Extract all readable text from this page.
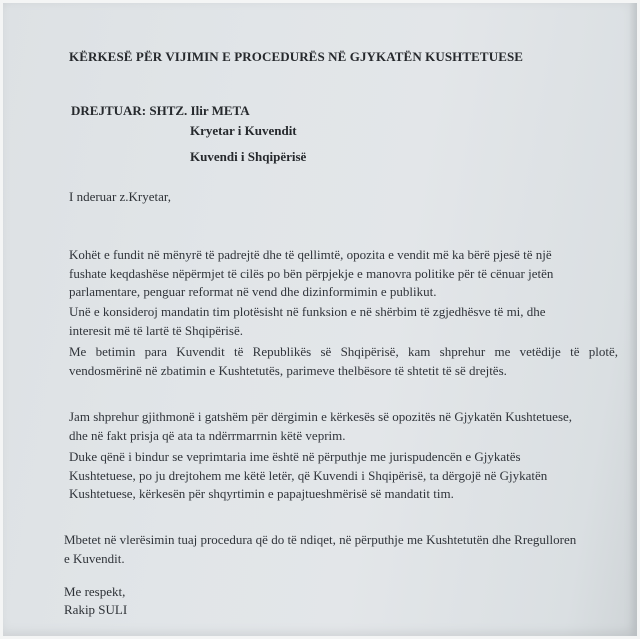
KËRKESË PËR VIJIMIN E PROCEDURËS NË GJYKATËN KUSHTETUESE
DREJTUAR: SHTZ. Ilir META
Kryetar i Kuvendit
Kuvendi i Shqipërisë
I nderuar z.Kryetar,
Kohët e fundit në mënyrë të padrejtë dhe të qellimtë, opozita e vendit më ka bërë pjesë të një
fushate keqdashëse nëpërmjet të cilës po bën përpjekje e manovra politike për të cënuar jetën
parlamentare, penguar reformat në vend dhe dizinformimin e publikut.
Unë e konsideroj mandatin tim plotësisht në funksion e në shërbim të zgjedhësve të mi, dhe
interesit më të lartë të Shqipërisë.
Me betimin para Kuvendit të Republikës së Shqipërisë, kam shprehur me vetëdije të plotë,
vendosmërinë në zbatimin e Kushtetutës, parimeve thelbësore të shtetit të së drejtës.
Jam shprehur gjithmonë i gatshëm për dërgimin e kërkesës së opozitës në Gjykatën Kushtetuese,
dhe në fakt prisja që ata ta ndërrmarrnin këtë veprim.
Duke qënë i bindur se veprimtaria ime është në përputhje me jurispudencën e Gjykatës
Kushtetuese, po ju drejtohem me këtë letër, që Kuvendi i Shqipërisë, ta dërgojë në Gjykatën
Kushtetuese, kërkesën për shqyrtimin e papajtueshmërisë së mandatit tim.
Mbetet në vlerësimin tuaj procedura që do të ndiqet, në përputhje me Kushtetutën dhe Rregulloren
e Kuvendit.
Me respekt,
Rakip SULI
